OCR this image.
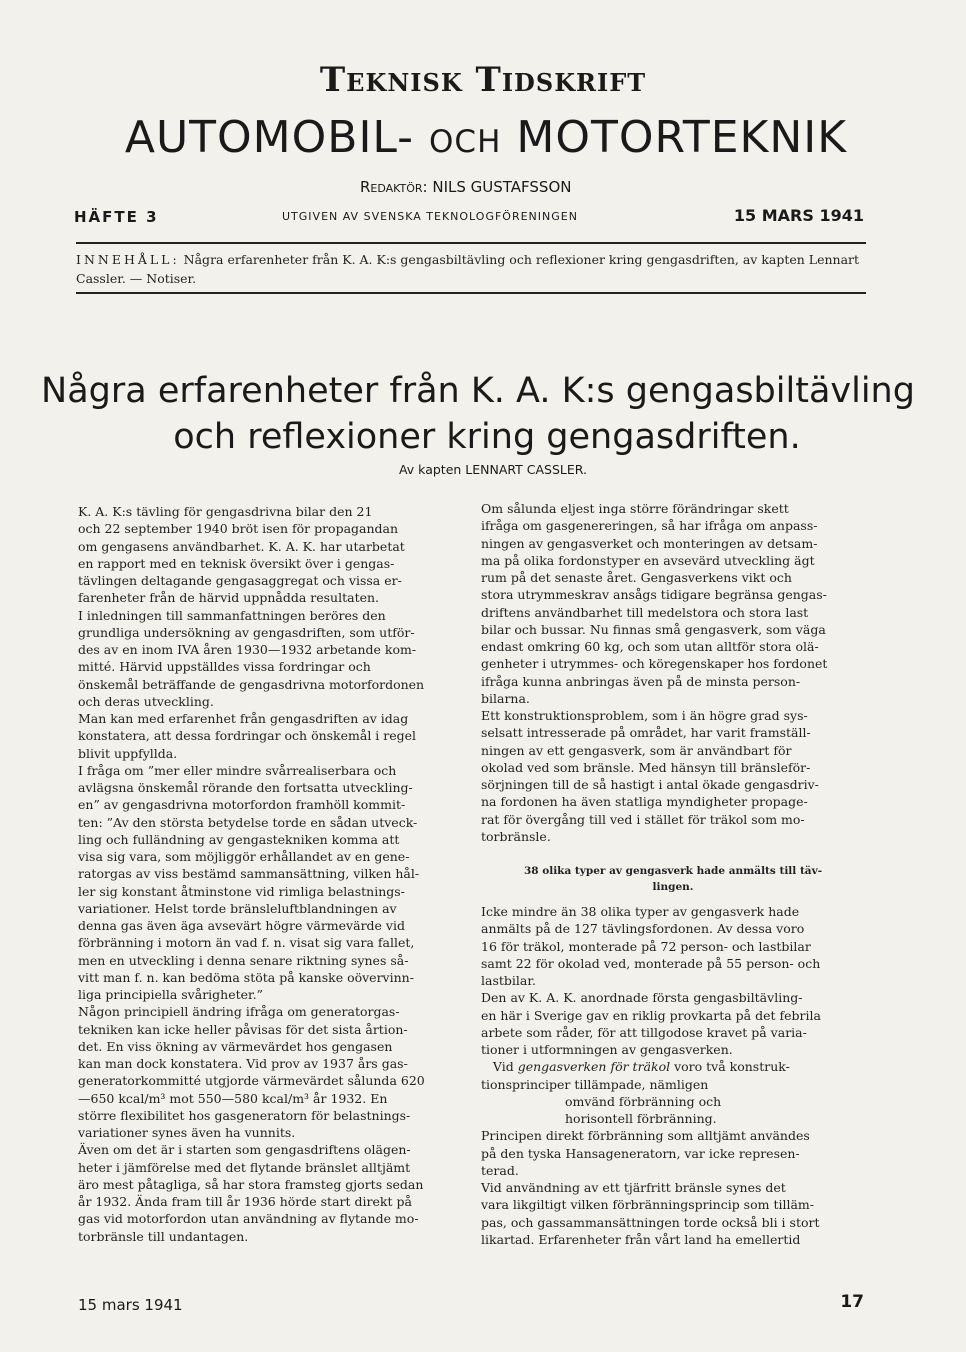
Teknisk Tidskrift
AUTOMOBIL- och MOTORTEKNIK
Redaktör: NILS GUSTAFSSON
HÄFTE 3	UTGIVEN AV SVENSKA TEKNOLOGFÖRENINGEN	15 MARS 1941
INNEHÅLL: Några erfarenheter från K. A. K:s gengasbiltävling och reflexioner kring gengasdriften, av kapten Lennart Cassler. — Notiser.
Några erfarenheter från K. A. K:s gengasbiltävling
och reflexioner kring gengasdriften.
Av kapten LENNART CASSLER.
K. A. K:s tävling för gengasdrivna bilar den 21
och 22 september 1940 bröt isen för propagandan
om gengasens användbarhet. K. A. K. har utarbetat
en rapport med en teknisk översikt över i gengas-
tävlingen deltagande gengasaggregat och vissa er-
farenheter från de härvid uppnådda resultaten.
I inledningen till sammanfattningen beröres den
grundliga undersökning av gengasdriften, som utför-
des av en inom IVA åren 1930—1932 arbetande kom-
mitté. Härvid uppställdes vissa fordringar och
önskemål beträffande de gengasdrivna motorfordonen
och deras utveckling.
Man kan med erfarenhet från gengasdriften av idag
konstatera, att dessa fordringar och önskemål i regel
blivit uppfyllda.
I fråga om ”mer eller mindre svårrealiserbara och
avlägsna önskemål rörande den fortsatta utveckling-
en” av gengasdrivna motorfordon framhöll kommit-
ten: ”Av den största betydelse torde en sådan utveck-
ling och fulländning av gengastekniken komma att
visa sig vara, som möjliggör erhållandet av en gene-
ratorgas av viss bestämd sammansättning, vilken hål-
ler sig konstant åtminstone vid rimliga belastnings-
variationer. Helst torde bränsleluftblandningen av
denna gas även äga avsevärt högre värmevärde vid
förbränning i motorn än vad f. n. visat sig vara fallet,
men en utveckling i denna senare riktning synes så-
vitt man f. n. kan bedöma stöta på kanske oövervinn-
liga principiella svårigheter.”
Någon principiell ändring ifråga om generatorgas-
tekniken kan icke heller påvisas för det sista årtion-
det. En viss ökning av värmevärdet hos gengasen
kan man dock konstatera. Vid prov av 1937 års gas-
generatorkommitté utgjorde värmevärdet sålunda 620
—650 kcal/m³ mot 550—580 kcal/m³ år 1932. En
större flexibilitet hos gasgeneratorn för belastnings-
variationer synes även ha vunnits.
Även om det är i starten som gengasdriftens olägen-
heter i jämförelse med det flytande bränslet alltjämt
äro mest påtagliga, så har stora framsteg gjorts sedan
år 1932. Ända fram till år 1936 hörde start direkt på
gas vid motorfordon utan användning av flytande mo-
torbränsle till undantagen.
Om sålunda eljest inga större förändringar skett
ifråga om gasgenereringen, så har ifråga om anpass-
ningen av gengasverket och monteringen av detsam-
ma på olika fordonstyper en avsevärd utveckling ägt
rum på det senaste året. Gengasverkens vikt och
stora utrymmeskrav ansågs tidigare begränsa gengas-
driftens användbarhet till medelstora och stora last
bilar och bussar. Nu finnas små gengasverk, som väga
endast omkring 60 kg, och som utan alltför stora olä-
genheter i utrymmes- och köregenskaper hos fordonet
ifråga kunna anbringas även på de minsta person-
bilarna.
Ett konstruktionsproblem, som i än högre grad sys-
selsatt intresserade på området, har varit framställ-
ningen av ett gengasverk, som är användbart för
okolad ved som bränsle. Med hänsyn till bränsleför-
sörjningen till de så hastigt i antal ökade gengasdriv-
na fordonen ha även statliga myndigheter propage-
rat för övergång till ved i stället för träkol som mo-
torbränsle.
38 olika typer av gengasverk hade anmälts till täv-
lingen.
Icke mindre än 38 olika typer av gengasverk hade
anmälts på de 127 tävlingsfordonen. Av dessa voro
16 för träkol, monterade på 72 person- och lastbilar
samt 22 för okolad ved, monterade på 55 person- och
lastbilar.
Den av K. A. K. anordnade första gengasbiltävling-
en här i Sverige gav en riklig provkarta på det febrila
arbete som råder, för att tillgodose kravet på varia-
tioner i utformningen av gengasverken.
Vid gengasverken för träkol voro två konstruk-
tionsprinciper tillämpade, nämligen
omvänd förbränning och
horisontell förbränning.
Principen direkt förbränning som alltjämt användes
på den tyska Hansageneratorn, var icke represen-
terad.
Vid användning av ett tjärfritt bränsle synes det
vara likgiltigt vilken förbränningsprincip som tilläm-
pas, och gassammansättningen torde också bli i stort
likartad. Erfarenheter från vårt land ha emellertid
15 mars 1941	17
